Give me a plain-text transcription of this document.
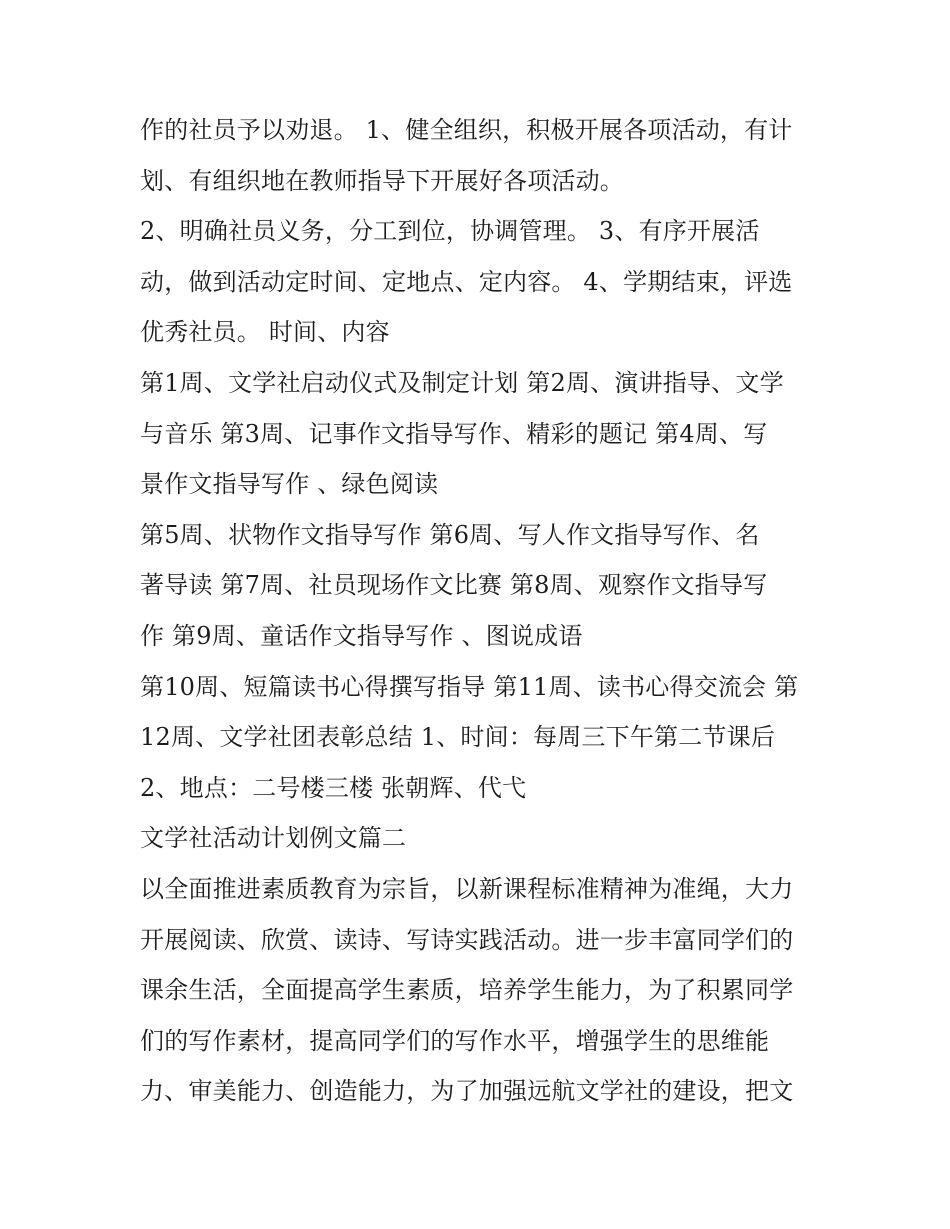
作的社员予以劝退。 1、健全组织，积极开展各项活动，有计
划、有组织地在教师指导下开展好各项活动。
2、明确社员义务，分工到位，协调管理。 3、有序开展活
动，做到活动定时间、定地点、定内容。 4、学期结束，评选
优秀社员。 时间、内容
第1周、文学社启动仪式及制定计划 第2周、演讲指导、文学
与音乐 第3周、记事作文指导写作、精彩的题记 第4周、写
景作文指导写作 、绿色阅读
第5周、状物作文指导写作 第6周、写人作文指导写作、名
著导读 第7周、社员现场作文比赛 第8周、观察作文指导写
作 第9周、童话作文指导写作 、图说成语
第10周、短篇读书心得撰写指导 第11周、读书心得交流会 第
12周、文学社团表彰总结 1、时间：每周三下午第二节课后
2、地点：二号楼三楼 张朝辉、代弋
文学社活动计划例文篇二
以全面推进素质教育为宗旨，以新课程标准精神为准绳，大力
开展阅读、欣赏、读诗、写诗实践活动。进一步丰富同学们的
课余生活，全面提高学生素质，培养学生能力，为了积累同学
们的写作素材，提高同学们的写作水平，增强学生的思维能
力、审美能力、创造能力，为了加强远航文学社的建设，把文
